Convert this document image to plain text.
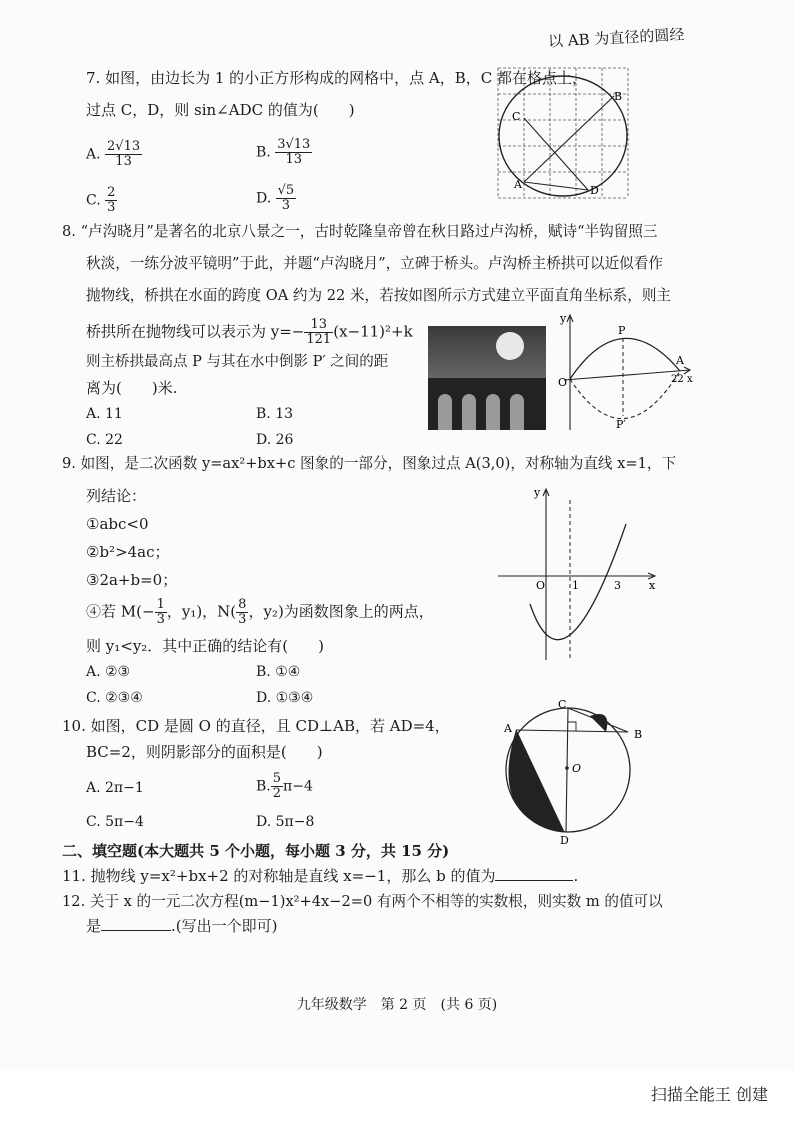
以 AB 为直径的圆经
7. 如图，由边长为 1 的小正方形构成的网格中，点 A，B，C 都在格点上，
过点 C，D，则 sin∠ADC 的值为(　　)
A. $\frac{2√13}{13}$	B. $\frac{3√13}{13}$
C. $\frac{2}{3}$	D. $\frac{√5}{3}$
B
C
A	D
8. “卢沟晓月”是著名的北京八景之一，古时乾隆皇帝曾在秋日路过卢沟桥，赋诗“半钩留照三
秋淡，一练分波平镜明”于此，并题“卢沟晓月”，立碑于桥头。卢沟桥主桥拱可以近似看作
抛物线，桥拱在水面的跨度 OA 约为 22 米，若按如图所示方式建立平面直角坐标系，则主
桥拱所在抛物线可以表示为 $y=- \frac{13}{121} (x-11)^2+k$
则主桥拱最高点 P 与其在水中倒影 P′ 之间的距
离为(　　)米.
A. 11	B. 13
C. 22	D. 26
y
P
P′
O
A
22 x
9. 如图，是二次函数 y=ax²+bx+c 图象的一部分，图象过点 A(3,0)，对称轴为直线 x=1，下
列结论：
①abc<0
②b²>4ac；
③2a+b=0；
④若 $M(- \frac{1}{3}$ ，y₁)，$N( \frac{8}{3}$ ，y₂)为函数图象上的两点，
则 y₁<y₂．其中正确的结论有(　　)
A. ②③	B. ①④
C. ②③④	D. ①③④
y
O 1	3	x
10. 如图，CD 是圆 O 的直径，且 CD⊥AB，若 AD=4，
BC=2，则阴影部分的面积是(　　)
A. 2π−1	B. $\frac{5}{2} \pi-4$
C. 5π−4	D. 5π−8
C
A	B
O
D
二、填空题(本大题共 5 个小题，每小题 3 分，共 15 分)
11. 抛物线 y=x²+bx+2 的对称轴是直线 x=−1，那么 b 的值为	.
12. 关于 x 的一元二次方程(m−1)x²+4x−2=0 有两个不相等的实数根，则实数 m 的值可以
是	.(写出一个即可)
九年级数学　第 2 页　(共 6 页)
扫描全能王 创建
